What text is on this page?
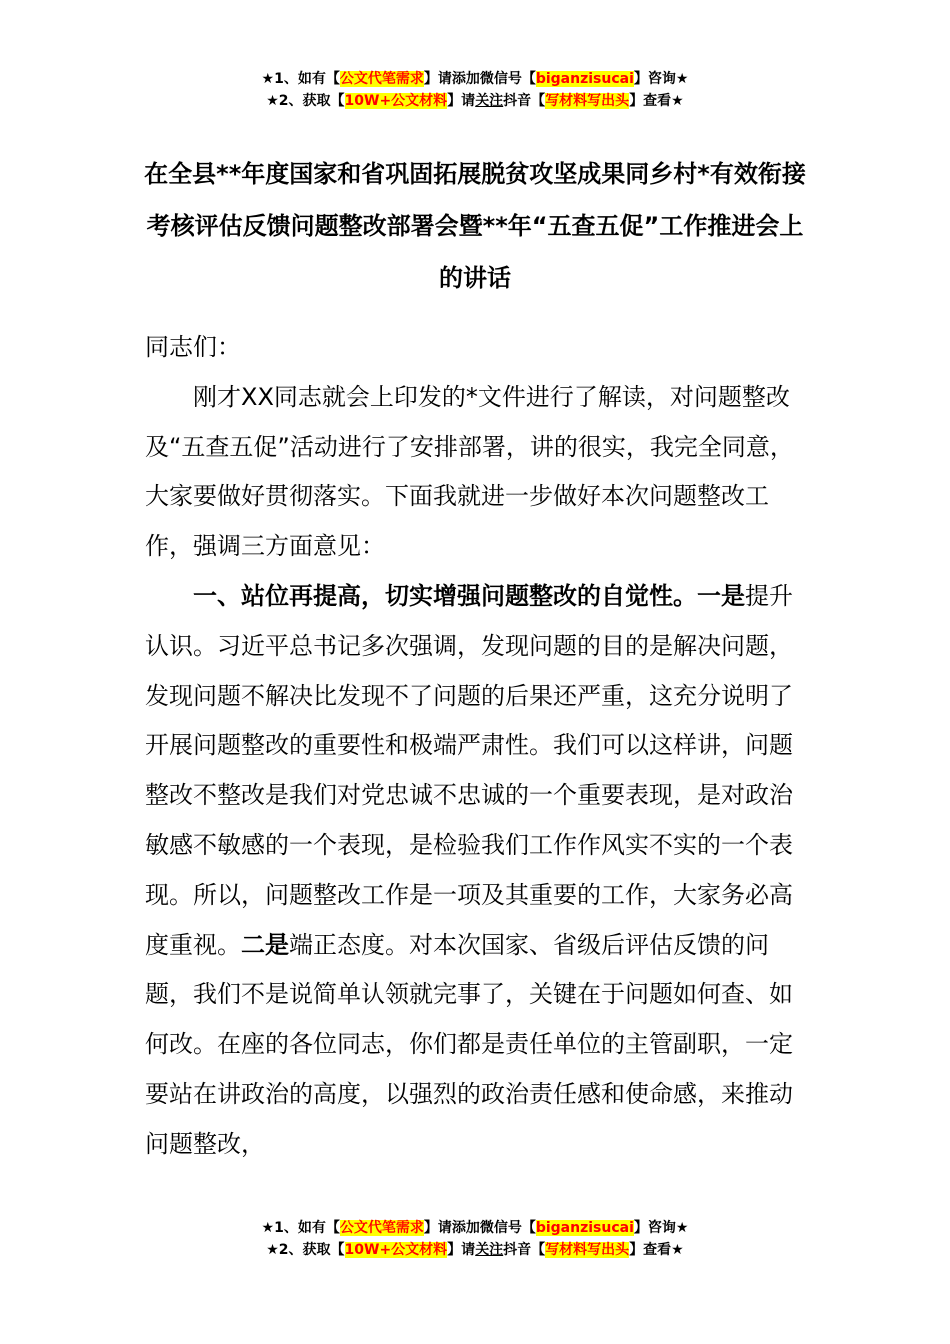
★1、如有【公文代笔需求】请添加微信号【biganzisucai】咨询★
★2、获取【10W+公文材料】请关注抖音【写材料写出头】查看★
在全县**年度国家和省巩固拓展脱贫攻坚成果同乡村*有效衔接考核评估反馈问题整改部署会暨**年“五查五促”工作推进会上的讲话

同志们：

刚才XX同志就会上印发的*文件进行了解读，对问题整改及“五查五促”活动进行了安排部署，讲的很实，我完全同意，大家要做好贯彻落实。下面我就进一步做好本次问题整改工作，强调三方面意见：

一、站位再提高，切实增强问题整改的自觉性。一是提升认识。习近平总书记多次强调，发现问题的目的是解决问题，发现问题不解决比发现不了问题的后果还严重，这充分说明了开展问题整改的重要性和极端严肃性。我们可以这样讲，问题整改不整改是我们对党忠诚不忠诚的一个重要表现，是对政治敏感不敏感的一个表现，是检验我们工作作风实不实的一个表现。所以，问题整改工作是一项及其重要的工作，大家务必高度重视。二是端正态度。对本次国家、省级后评估反馈的问题，我们不是说简单认领就完事了，关键在于问题如何查、如何改。在座的各位同志，你们都是责任单位的主管副职，一定要站在讲政治的高度，以强烈的政治责任感和使命感，来推动问题整改，

★1、如有【公文代笔需求】请添加微信号【biganzisucai】咨询★
★2、获取【10W+公文材料】请关注抖音【写材料写出头】查看★
